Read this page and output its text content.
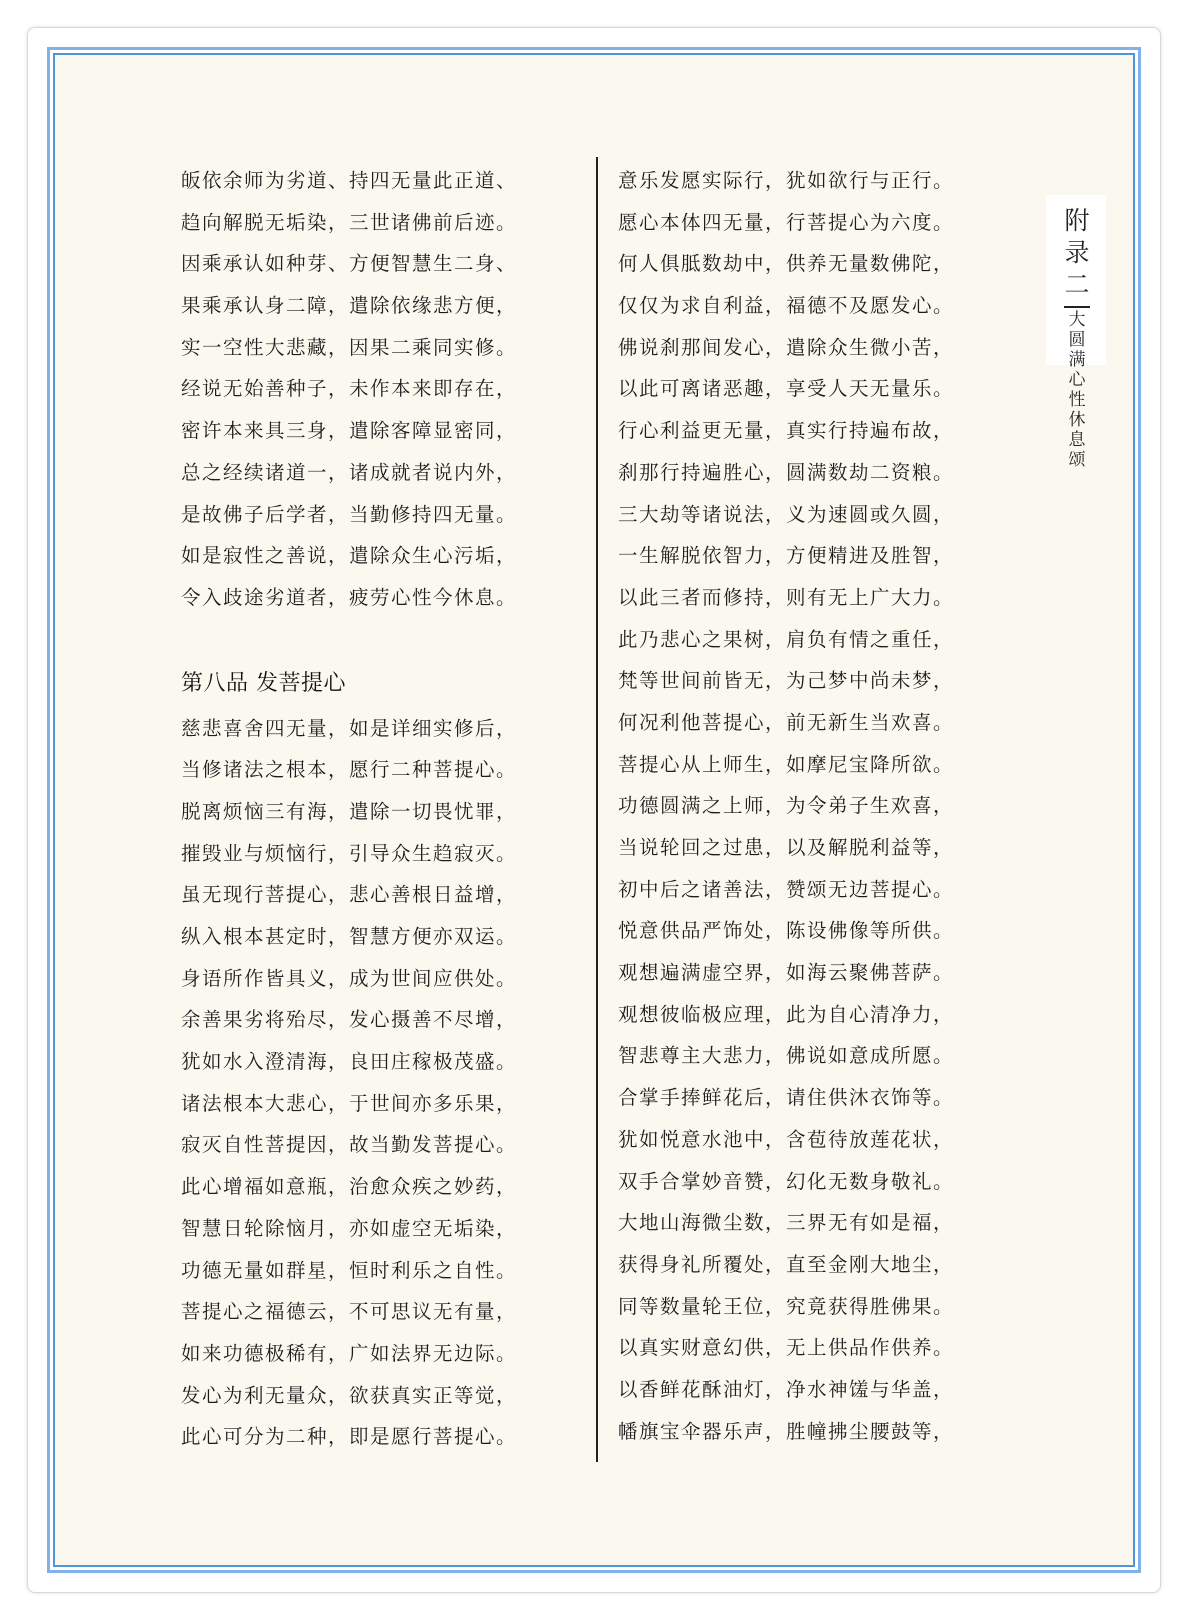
皈依余师为劣道、持四无量此正道、
趋向解脱无垢染，三世诸佛前后迹。
因乘承认如种芽、方便智慧生二身、
果乘承认身二障，遣除依缘悲方便，
实一空性大悲藏，因果二乘同实修。
经说无始善种子，未作本来即存在，
密许本来具三身，遣除客障显密同，
总之经续诸道一，诸成就者说内外，
是故佛子后学者，当勤修持四无量。
如是寂性之善说，遣除众生心污垢，
令入歧途劣道者，疲劳心性今休息。
第八品 发菩提心
慈悲喜舍四无量，如是详细实修后，
当修诸法之根本，愿行二种菩提心。
脱离烦恼三有海，遣除一切畏忧罪，
摧毁业与烦恼行，引导众生趋寂灭。
虽无现行菩提心，悲心善根日益增，
纵入根本甚定时，智慧方便亦双运。
身语所作皆具义，成为世间应供处。
余善果劣将殆尽，发心摄善不尽增，
犹如水入澄清海，良田庄稼极茂盛。
诸法根本大悲心，于世间亦多乐果，
寂灭自性菩提因，故当勤发菩提心。
此心增福如意瓶，治愈众疾之妙药，
智慧日轮除恼月，亦如虚空无垢染，
功德无量如群星，恒时利乐之自性。
菩提心之福德云，不可思议无有量，
如来功德极稀有，广如法界无边际。
发心为利无量众，欲获真实正等觉，
此心可分为二种，即是愿行菩提心。
意乐发愿实际行，犹如欲行与正行。
愿心本体四无量，行菩提心为六度。
何人俱胝数劫中，供养无量数佛陀，
仅仅为求自利益，福德不及愿发心。
佛说刹那间发心，遣除众生微小苦，
以此可离诸恶趣，享受人天无量乐。
行心利益更无量，真实行持遍布故，
刹那行持遍胜心，圆满数劫二资粮。
三大劫等诸说法，义为速圆或久圆，
一生解脱依智力，方便精进及胜智，
以此三者而修持，则有无上广大力。
此乃悲心之果树，肩负有情之重任，
梵等世间前皆无，为己梦中尚未梦，
何况利他菩提心，前无新生当欢喜。
菩提心从上师生，如摩尼宝降所欲。
功德圆满之上师，为令弟子生欢喜，
当说轮回之过患，以及解脱利益等，
初中后之诸善法，赞颂无边菩提心。
悦意供品严饰处，陈设佛像等所供。
观想遍满虚空界，如海云聚佛菩萨。
观想彼临极应理，此为自心清净力，
智悲尊主大悲力，佛说如意成所愿。
合掌手捧鲜花后，请住供沐衣饰等。
犹如悦意水池中，含苞待放莲花状，
双手合掌妙音赞，幻化无数身敬礼。
大地山海微尘数，三界无有如是福，
获得身礼所覆处，直至金刚大地尘，
同等数量轮王位，究竟获得胜佛果。
以真实财意幻供，无上供品作供养。
以香鲜花酥油灯，净水神馐与华盖，
幡旗宝伞器乐声，胜幢拂尘腰鼓等，
附录二
大圆满心性休息颂
